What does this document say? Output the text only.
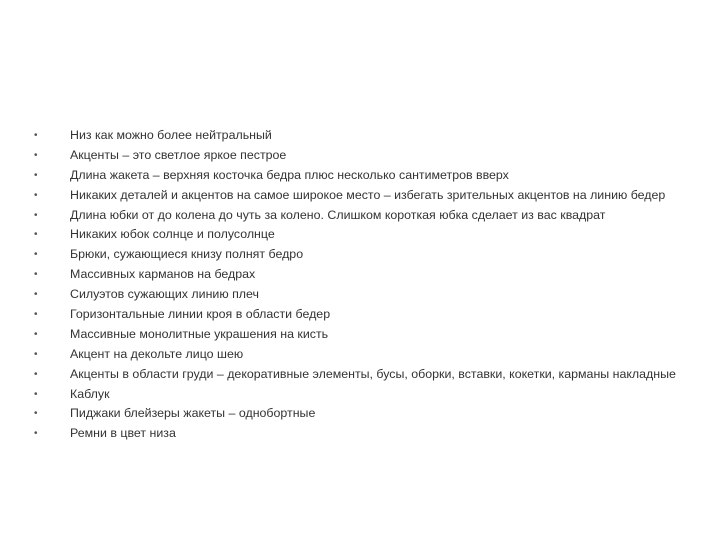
•	Низ как можно более нейтральный
•	Акценты – это светлое яркое пестрое
•	Длина жакета – верхняя косточка бедра плюс несколько сантиметров вверх
•	Никаких деталей и акцентов на самое широкое место – избегать зрительных акцентов на линию бедер
•	Длина юбки от до колена до чуть за колено. Слишком короткая юбка сделает из вас квадрат
•	Никаких юбок солнце и полусолнце
•	Брюки, сужающиеся книзу полнят бедро
•	Массивных карманов на бедрах
•	Силуэтов сужающих линию плеч
•	Горизонтальные линии кроя в области бедер
•	Массивные монолитные украшения на кисть
•	Акцент на декольте лицо шею
•	Акценты в области груди – декоративные элементы, бусы, оборки, вставки, кокетки, карманы накладные
•	Каблук
•	Пиджаки блейзеры жакеты – однобортные
•	Ремни в цвет низа
